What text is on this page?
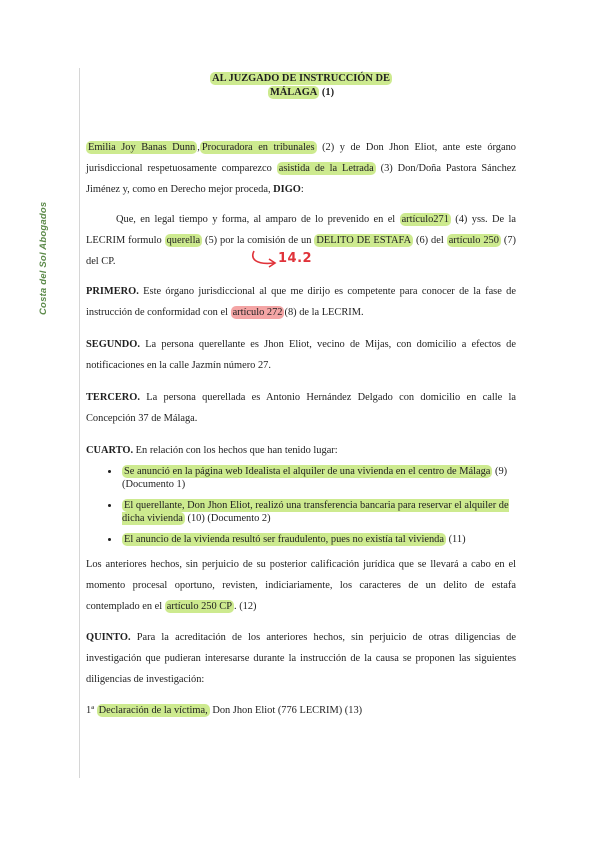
Costa del Sol Abogados
AL JUZGADO DE INSTRUCCIÓN DE
MÁLAGA (1)

Emilia Joy Banas Dunn , Procuradora en tribunales (2) y de Don Jhon Eliot, ante este órgano jurisdiccional respetuosamente comparezco asistida de la Letrada (3) Don/Doña Pastora Sánchez Jiménez y, como en Derecho mejor proceda, DIGO:

Que, en legal tiempo y forma, al amparo de lo prevenido en el artículo271 (4) yss. De la LECRIM formulo querella (5) por la comisión de un DELITO DE ESTAFA (6) del artículo 250 (7) del CP.

PRIMERO. Este órgano jurisdiccional al que me dirijo es competente para conocer de la fase de instrucción de conformidad con el artículo 272 (8) de la LECRIM.

SEGUNDO. La persona querellante es Jhon Eliot, vecino de Mijas, con domicilio a efectos de notificaciones en la calle Jazmín número 27.

TERCERO. La persona querellada es Antonio Hernández Delgado con domicilio en calle la Concepción 37 de Málaga.

CUARTO. En relación con los hechos que han tenido lugar:

• Se anunció en la página web Idealista el alquiler de una vivienda en el centro de Málaga (9) (Documento 1)
• El querellante, Don Jhon Eliot, realizó una transferencia bancaria para reservar el alquiler de dicha vivienda (10) (Documento 2)
• El anuncio de la vivienda resultó ser fraudulento, pues no existía tal vivienda (11)

Los anteriores hechos, sin perjuicio de su posterior calificación jurídica que se llevará a cabo en el momento procesal oportuno, revisten, indiciariamente, los caracteres de un delito de estafa contemplado en el artículo 250 CP . (12)

QUINTO. Para la acreditación de los anteriores hechos, sin perjuicio de otras diligencias de investigación que pudieran interesarse durante la instrucción de la causa se proponen las siguientes diligencias de investigación:

1ª Declaración de la víctima, Don Jhon Eliot (776 LECRIM) (13)

14.2
